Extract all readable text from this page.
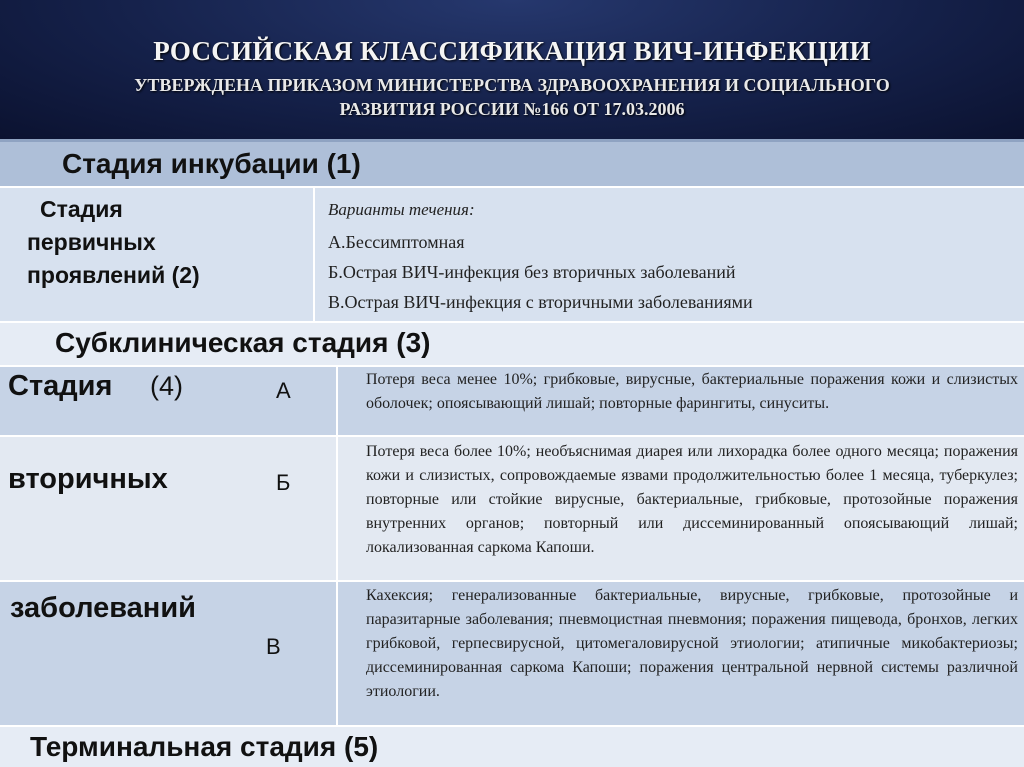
РОССИЙСКАЯ КЛАССИФИКАЦИЯ ВИЧ-ИНФЕКЦИИ
УТВЕРЖДЕНА ПРИКАЗОМ МИНИСТЕРСТВА ЗДРАВООХРАНЕНИЯ И СОЦИАЛЬНОГО
РАЗВИТИЯ РОССИИ №166 ОТ 17.03.2006
Стадия инкубации (1)
Стадия
первичных
проявлений (2)
Варианты течения:
А.Бессимптомная
Б.Острая ВИЧ-инфекция без вторичных заболеваний
В.Острая ВИЧ-инфекция с вторичными заболеваниями
Субклиническая стадия (3)
А	Потеря веса менее 10%; грибковые, вирусные, бактериальные поражения кожи и слизистых оболочек; опоясывающий лишай; повторные фарингиты, синуситы.
Б
Потеря веса более 10%; необъяснимая диарея или лихорадка более одного месяца; поражения кожи и слизистых, сопровождаемые язвами продолжительностью более 1 месяца, туберкулез; повторные или стойкие вирусные, бактериальные, грибковые, протозойные поражения внутренних органов; повторный или диссеминированный опоясывающий лишай; локализованная саркома Капоши.
В
Кахексия; генерализованные бактериальные, вирусные, грибковые, протозойные и паразитарные заболевания; пневмоцистная пневмония; поражения пищевода, бронхов, легких грибковой, герпесвирусной, цитомегаловирусной этиологии; атипичные микобактериозы; диссеминированная саркома Капоши; поражения центральной нервной системы различной этиологии.
Стадия (4)
вторичных
заболеваний
Терминальная стадия (5)
